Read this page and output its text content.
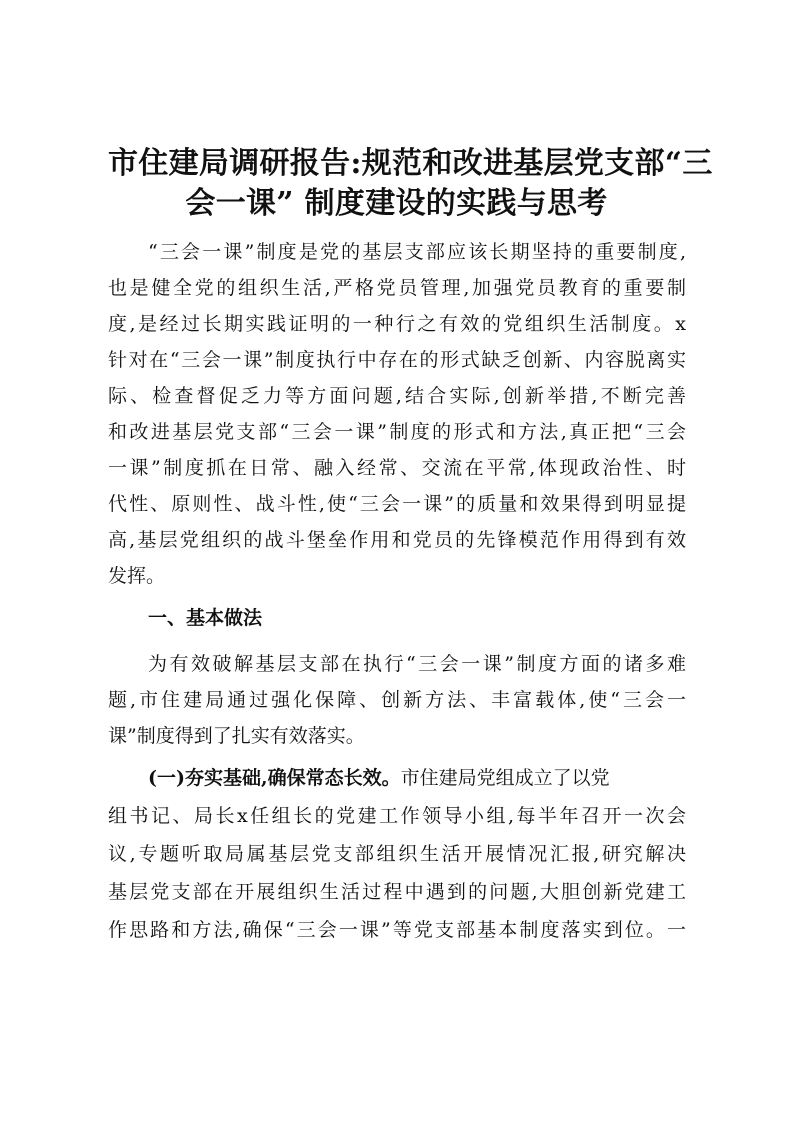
市住建局调研报告:规范和改进基层党支部“三
会一课” 制度建设的实践与思考
“三会一课”制度是党的基层支部应该长期坚持的重要制度,
也是健全党的组织生活,严格党员管理,加强党员教育的重要制
度,是经过长期实践证明的一种行之有效的党组织生活制度。x
针对在“三会一课”制度执行中存在的形式缺乏创新、内容脱离实
际、检查督促乏力等方面问题,结合实际,创新举措,不断完善
和改进基层党支部“三会一课”制度的形式和方法,真正把“三会
一课”制度抓在日常、融入经常、交流在平常,体现政治性、时
代性、原则性、战斗性,使“三会一课”的质量和效果得到明显提
高,基层党组织的战斗堡垒作用和党员的先锋模范作用得到有效
发挥。
一、基本做法
为有效破解基层支部在执行“三会一课”制度方面的诸多难
题,市住建局通过强化保障、创新方法、丰富载体,使“三会一
课”制度得到了扎实有效落实。
(一)夯实基础,确保常态长效。市住建局党组成立了以党
组书记、局长x任组长的党建工作领导小组,每半年召开一次会
议,专题听取局属基层党支部组织生活开展情况汇报,研究解决
基层党支部在开展组织生活过程中遇到的问题,大胆创新党建工
作思路和方法,确保“三会一课”等党支部基本制度落实到位。一
